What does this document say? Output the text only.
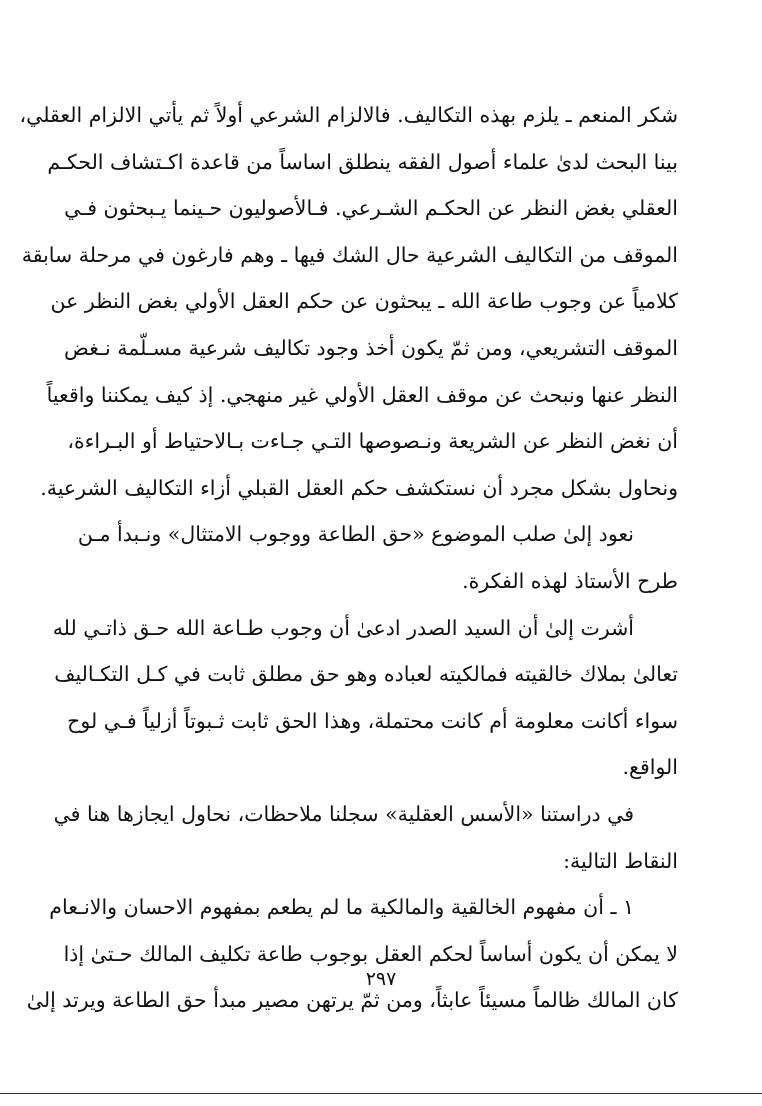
شكر المنعم ـ يلزم بهذه التكاليف. فالالزام الشرعي أولاً ثم يأتي الالزام العقلي،
بينا البحث لدىٰ علماء أصول الفقه ينطلق اساساً من قاعدة اكـتشاف الحكـم
العقلي بغض النظر عن الحكـم الشـرعي. فـالأصوليون حـينما يـبحثون فـي
الموقف من التكاليف الشرعية حال الشك فيها ـ وهم فارغون في مرحلة سابقة
كلامياً عن وجوب طاعة الله ـ يبحثون عن حكم العقل الأولي بغض النظر عن
الموقف التشريعي، ومن ثمّ يكون أخذ وجود تكاليف شرعية مسـلّمة نـغض
النظر عنها ونبحث عن موقف العقل الأولي غير منهجي. إذ كيف يمكننا واقعياً
أن نغض النظر عن الشريعة ونـصوصها التـي جـاءت بـالاحتياط أو البـراءة،
ونحاول بشكل مجرد أن نستكشف حكم العقل القبلي أزاء التكاليف الشرعية.
نعود إلىٰ صلب الموضوع «حق الطاعة ووجوب الامتثال» ونـبدأ مـن
طرح الأستاذ لهذه الفكرة.
أشرت إلىٰ أن السيد الصدر ادعىٰ أن وجوب طـاعة الله حـق ذاتـي لله
تعالىٰ بملاك خالقيته فمالكيته لعباده وهو حق مطلق ثابت في كـل التكـاليف
سواء أكانت معلومة أم كانت محتملة، وهذا الحق ثابت ثـبوتاً أزلياً فـي لوح
الواقع.
في دراستنا «الأسس العقلية» سجلنا ملاحظات، نحاول ايجازها هنا في
النقاط التالية:
١ ـ أن مفهوم الخالقية والمالكية ما لم يطعم بمفهوم الاحسان والانـعام
لا يمكن أن يكون أساساً لحكم العقل بوجوب طاعة تكليف المالك حـتىٰ إذا
كان المالك ظالماً مسيئاً عابثاً، ومن ثمّ يرتهن مصير مبدأ حق الطاعة ويرتد إلىٰ
٢٩٧
